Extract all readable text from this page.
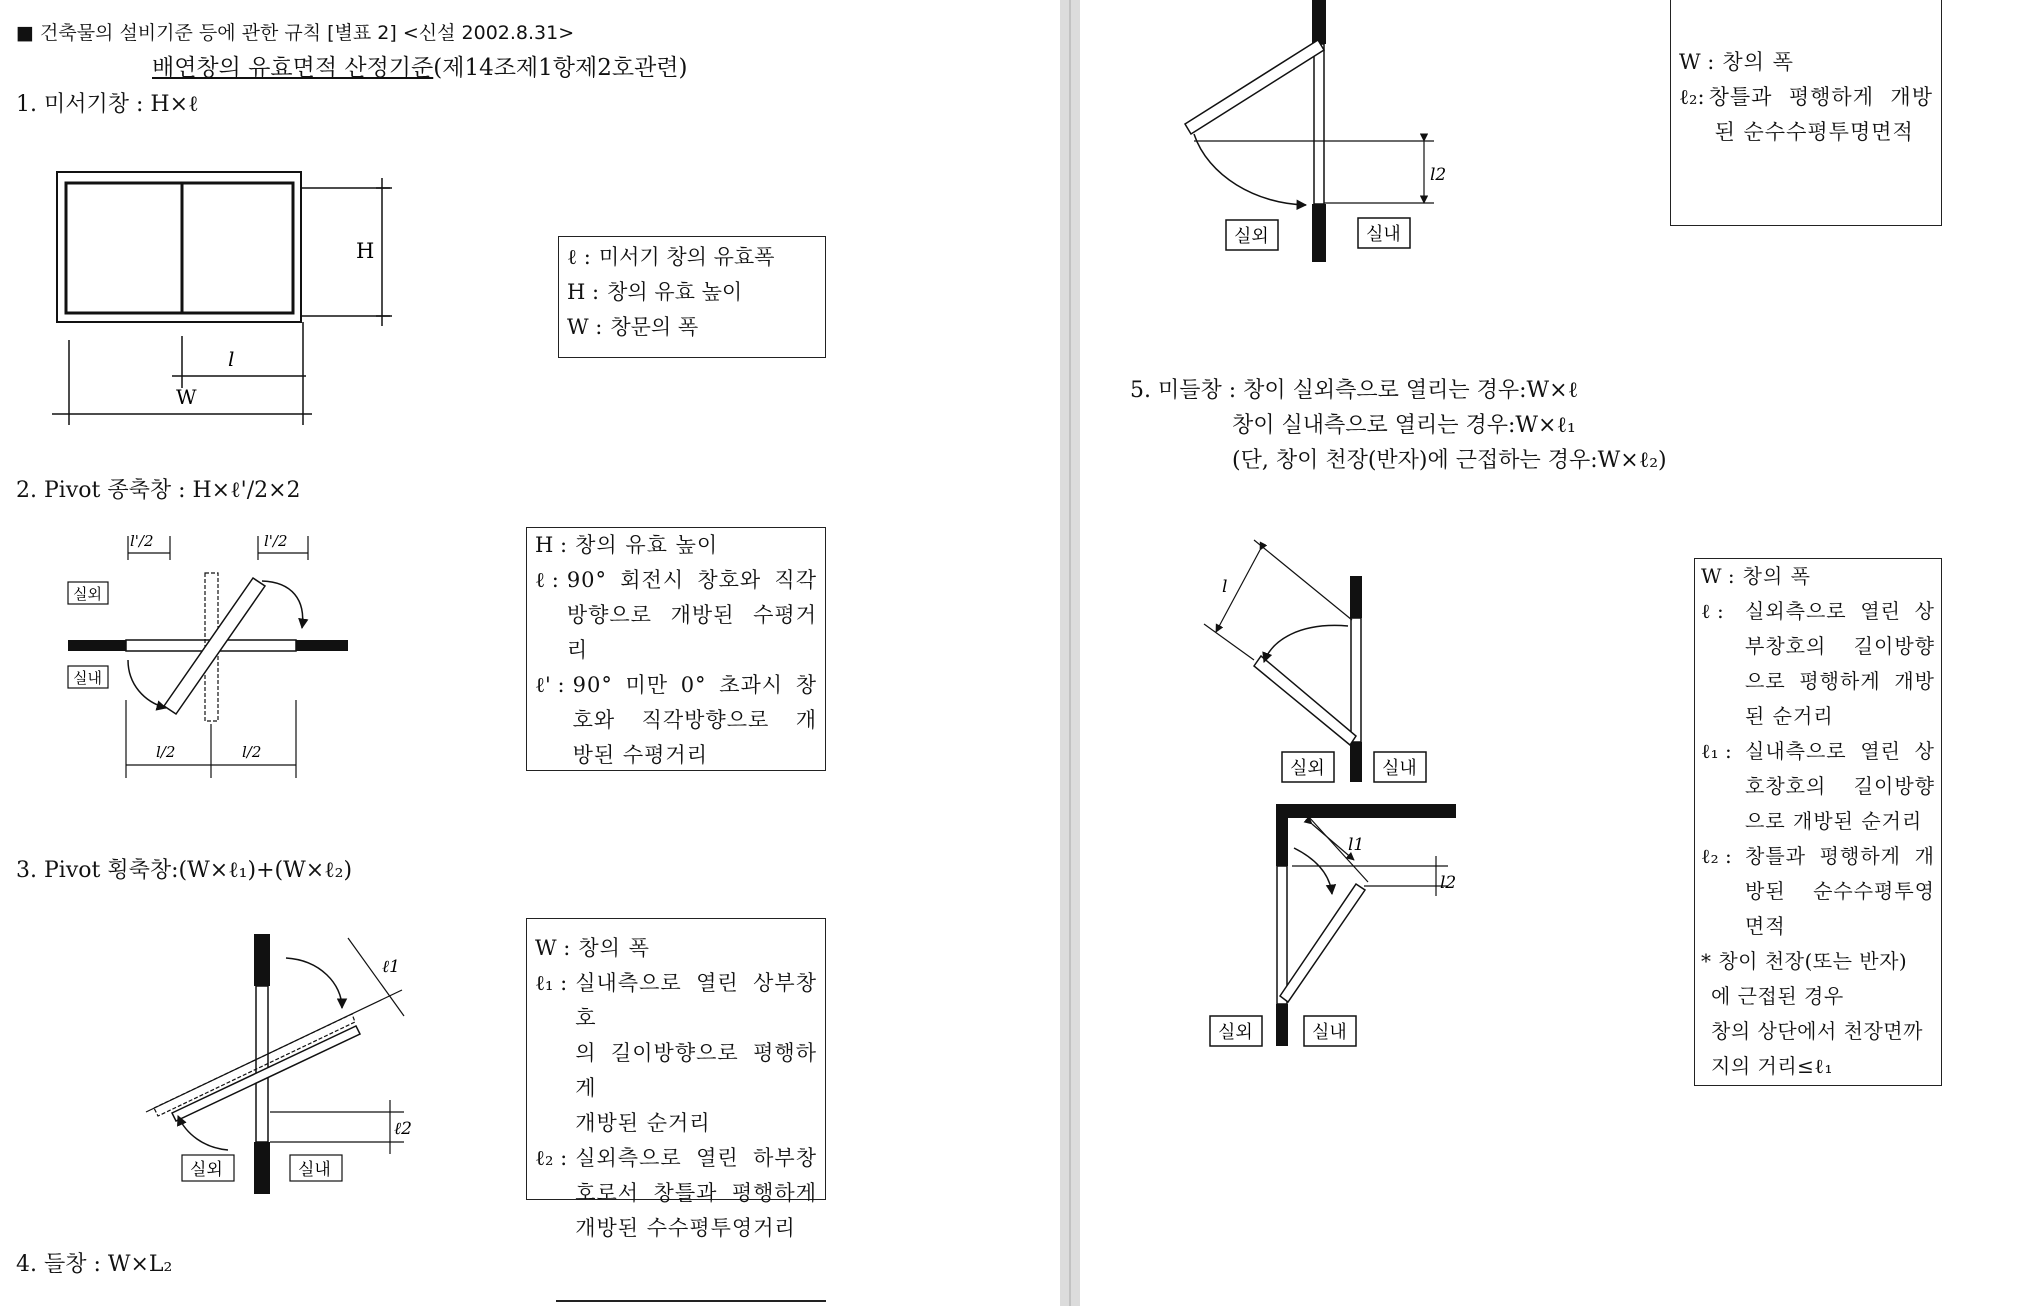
■ 건축물의 설비기준 등에 관한 규칙 [별표 2] <신설 2002.8.31>
배연창의 유효면적 산정기준(제14조제1항제2호관련)
1. 미서기창 : H×ℓ
H
l
W
ℓ : 미서기 창의 유효폭
H : 창의 유효 높이
W : 창문의 폭
2. Pivot 종축창 : H×ℓ'/2×2
l'/2	l'/2
l/2	l/2
실외
실내
H : 창의 유효 높이
ℓ : 90° 회전시 창호와 직각
방향으로 개방된 수평거
리
ℓ' : 90° 미만 0° 초과시 창
호와 직각방향으로 개
방된 수평거리
3. Pivot 횡축창:(W×ℓ₁)+(W×ℓ₂)
ℓ1
ℓ2
실외	실내
W : 창의 폭
ℓ₁ : 실내측으로 열린 상부창호
의 길이방향으로 평행하게
개방된 순거리
ℓ₂ : 실외측으로 열린 하부창
호로서 창틀과 평행하게
개방된 수수평투영거리
4. 들창 : W×L₂
l2
실외	실내
W : 창의 폭
ℓ₂: 창틀과 평행하게 개방
된 순수수평투명면적
5. 미들창 : 창이 실외측으로 열리는 경우:W×ℓ
창이 실내측으로 열리는 경우:W×ℓ₁
(단, 창이 천장(반자)에 근접하는 경우:W×ℓ₂)
l
실외	실내
l1
l2
실외	실내
W : 창의 폭
ℓ :	실외측으로 열린 상
부창호의 길이방향
으로 평행하게 개방
된 순거리
ℓ₁ : 실내측으로 열린 상
호창호의 길이방향
으로 개방된 순거리
ℓ₂ : 창틀과 평행하게 개
방된 순수수평투영
면적
* 창이 천장(또는 반자)
에 근접된 경우
창의 상단에서 천장면까
지의 거리≤ℓ₁
